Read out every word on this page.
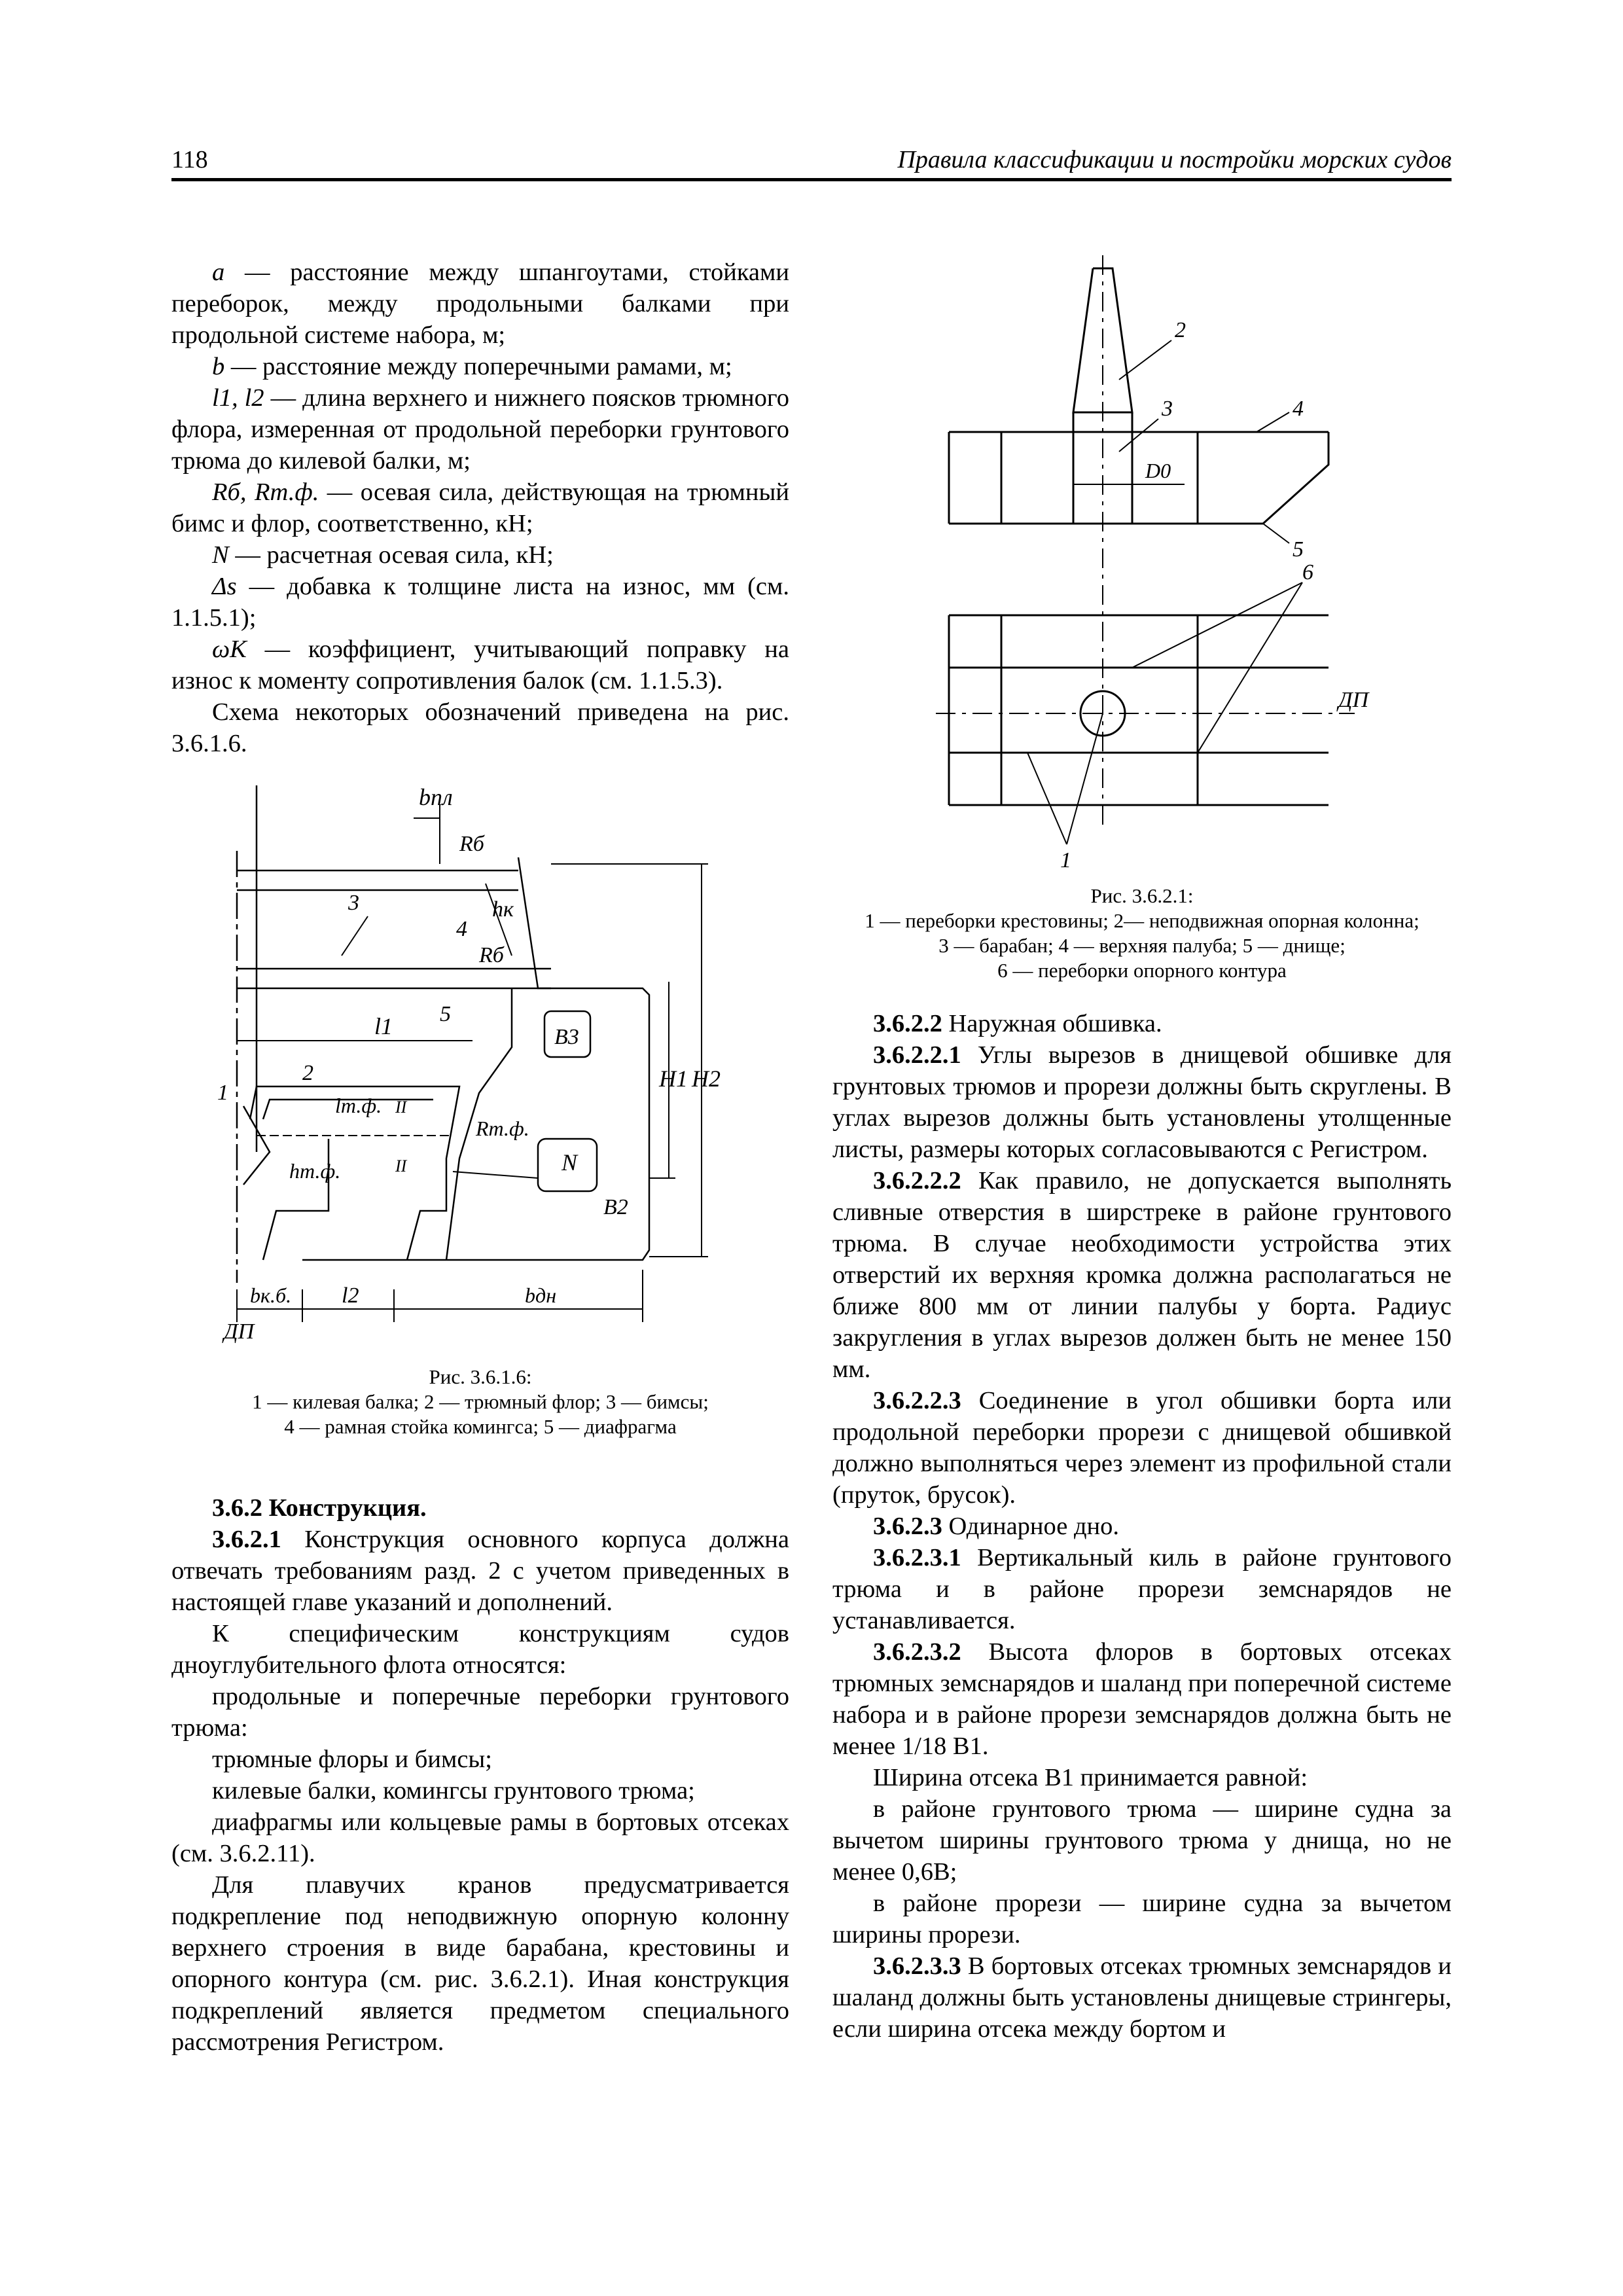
118	Правила классификации и постройки морских судов

a — расстояние между шпангоутами, стойками переборок, между продольными балками при продольной системе набора, м;

b — расстояние между поперечными рамами, м;

l1, l2 — длина верхнего и нижнего поясков трюмного флора, измеренная от продольной переборки грунтового трюма до килевой балки, м;

Rб, Rт.ф. — осевая сила, действующая на трюмный бимс и флор, соответственно, кН;

N — расчетная осевая сила, кН;

Δs — добавка к толщине листа на износ, мм (см. 1.1.5.1);

ωK — коэффициент, учитывающий поправку на износ к моменту сопротивления балок (см. 1.1.5.3).

Схема некоторых обозначений приведена на рис. 3.6.1.6.

bпл
Rб
3
4
hк
Rб
B3
5
H1 H2
l1
2
1
lт.ф. II
Rт.ф.
N
hт.ф.	II
B2
bк.б. l2	bдн
ДП

Рис. 3.6.1.6:

1 — килевая балка; 2 — трюмный флор; 3 — бимсы;

4 — рамная стойка комингса; 5 — диафрагма

3.6.2 Конструкция.

3.6.2.1 Конструкция основного корпуса должна отвечать требованиям разд. 2 с учетом приведенных в настоящей главе указаний и дополнений.

К специфическим конструкциям судов дноуглубительного флота относятся:

продольные и поперечные переборки грунтового трюма:

трюмные флоры и бимсы;

килевые балки, комингсы грунтового трюма;

диафрагмы или кольцевые рамы в бортовых отсеках (см. 3.6.2.11).

Для плавучих кранов предусматривается подкрепление под неподвижную опорную колонну верхнего строения в виде барабана, крестовины и опорного контура (см. рис. 3.6.2.1). Иная конструкция подкреплений является предметом специального рассмотрения Регистром.

2
3	4
D0
5
6
ДП
1

Рис. 3.6.2.1:

1 — переборки крестовины; 2— неподвижная опорная колонна;

3 — барабан; 4 — верхняя палуба; 5 — днище;

6 — переборки опорного контура

3.6.2.2 Наружная обшивка.

3.6.2.2.1 Углы вырезов в днищевой обшивке для грунтовых трюмов и прорези должны быть скруглены. В углах вырезов должны быть установлены утолщенные листы, размеры которых согласовываются с Регистром.

3.6.2.2.2 Как правило, не допускается выполнять сливные отверстия в ширстреке в районе грунтового трюма. В случае необходимости устройства этих отверстий их верхняя кромка должна располагаться не ближе 800 мм от линии палубы у борта. Радиус закругления в углах вырезов должен быть не менее 150 мм.

3.6.2.2.3 Соединение в угол обшивки борта или продольной переборки прорези с днищевой обшивкой должно выполняться через элемент из профильной стали (пруток, брусок).

3.6.2.3 Одинарное дно.

3.6.2.3.1 Вертикальный киль в районе грунтового трюма и в районе прорези земснарядов не устанавливается.

3.6.2.3.2 Высота флоров в бортовых отсеках трюмных земснарядов и шаланд при поперечной системе набора и в районе прорези земснарядов должна быть не менее 1/18 B1.

Ширина отсека B1 принимается равной:

в районе грунтового трюма — ширине судна за вычетом ширины грунтового трюма у днища, но не менее 0,6B;

в районе прорези — ширине судна за вычетом ширины прорези.

3.6.2.3.3 В бортовых отсеках трюмных земснарядов и шаланд должны быть установлены днищевые стрингеры, если ширина отсека между бортом и
